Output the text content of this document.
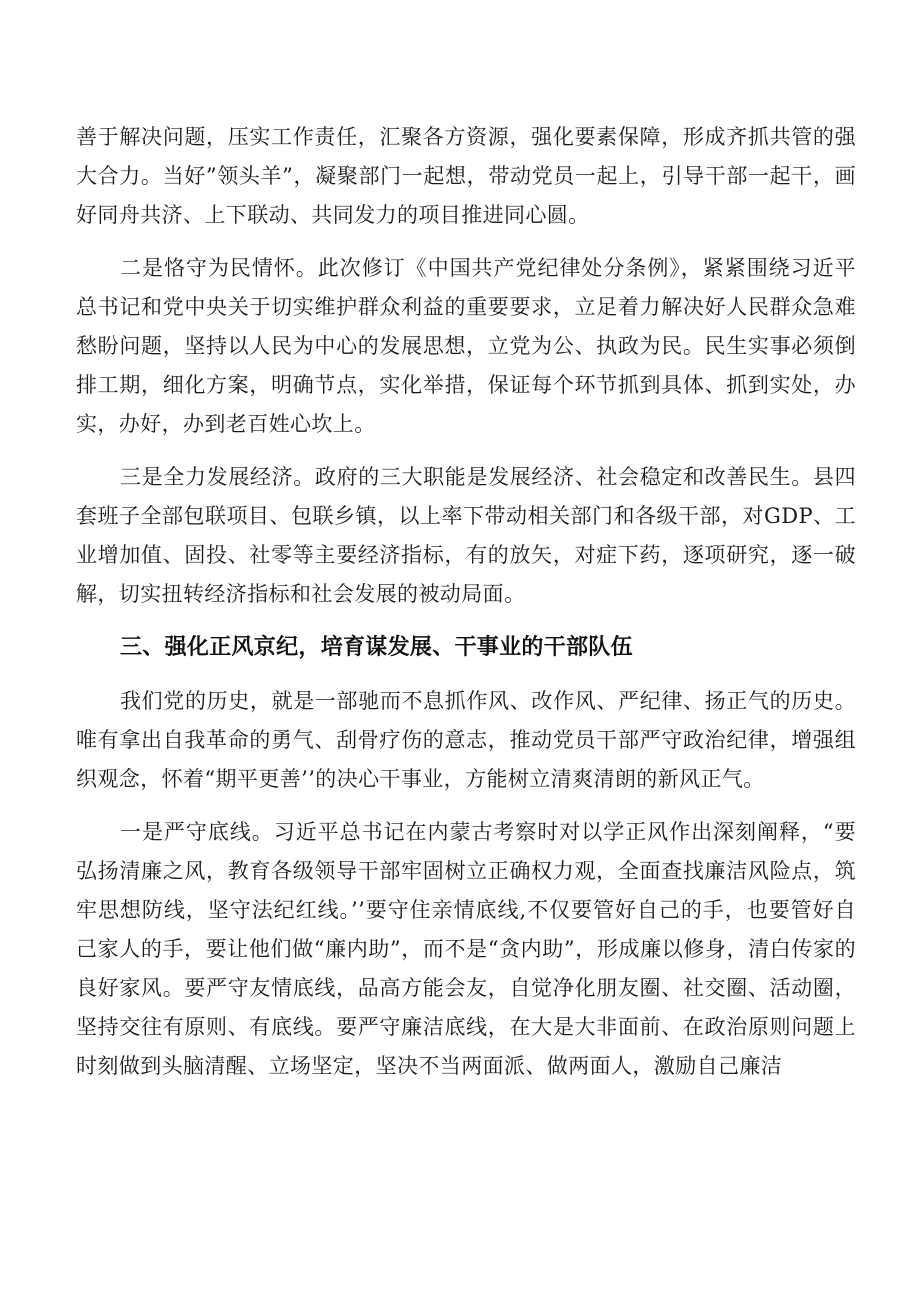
善于解决问题，压实工作责任，汇聚各方资源，强化要素保障，形成齐抓共管的强大合力。当好”领头羊”，凝聚部门一起想，带动党员一起上，引导干部一起干，画好同舟共济、上下联动、共同发力的项目推进同心圆。

二是恪守为民情怀。此次修订《中国共产党纪律处分条例》，紧紧围绕习近平总书记和党中央关于切实维护群众利益的重要要求，立足着力解决好人民群众急难愁盼问题，坚持以人民为中心的发展思想，立党为公、执政为民。民生实事必须倒排工期，细化方案，明确节点，实化举措，保证每个环节抓到具体、抓到实处，办实，办好，办到老百姓心坎上。

三是全力发展经济。政府的三大职能是发展经济、社会稳定和改善民生。县四套班子全部包联项目、包联乡镇，以上率下带动相关部门和各级干部，对GDP、工业增加值、固投、社零等主要经济指标，有的放矢，对症下药，逐项研究，逐一破解，切实扭转经济指标和社会发展的被动局面。

三、强化正风京纪，培育谋发展、干事业的干部队伍

我们党的历史，就是一部驰而不息抓作风、改作风、严纪律、扬正气的历史。唯有拿出自我革命的勇气、刮骨疗伤的意志，推动党员干部严守政治纪律，增强组织观念，怀着“期平更善’’的决心干事业，方能树立清爽清朗的新风正气。

一是严守底线。习近平总书记在内蒙古考察时对以学正风作出深刻阐释，“要弘扬清廉之风，教育各级领导干部牢固树立正确权力观，全面查找廉洁风险点，筑牢思想防线，坚守法纪红线。’’要守住亲情底线,不仅要管好自己的手，也要管好自己家人的手，要让他们做“廉内助”，而不是“贪内助”，形成廉以修身，清白传家的良好家风。要严守友情底线，品高方能会友，自觉净化朋友圈、社交圈、活动圈，坚持交往有原则、有底线。要严守廉洁底线，在大是大非面前、在政治原则问题上时刻做到头脑清醒、立场坚定，坚决不当两面派、做两面人，激励自己廉洁
